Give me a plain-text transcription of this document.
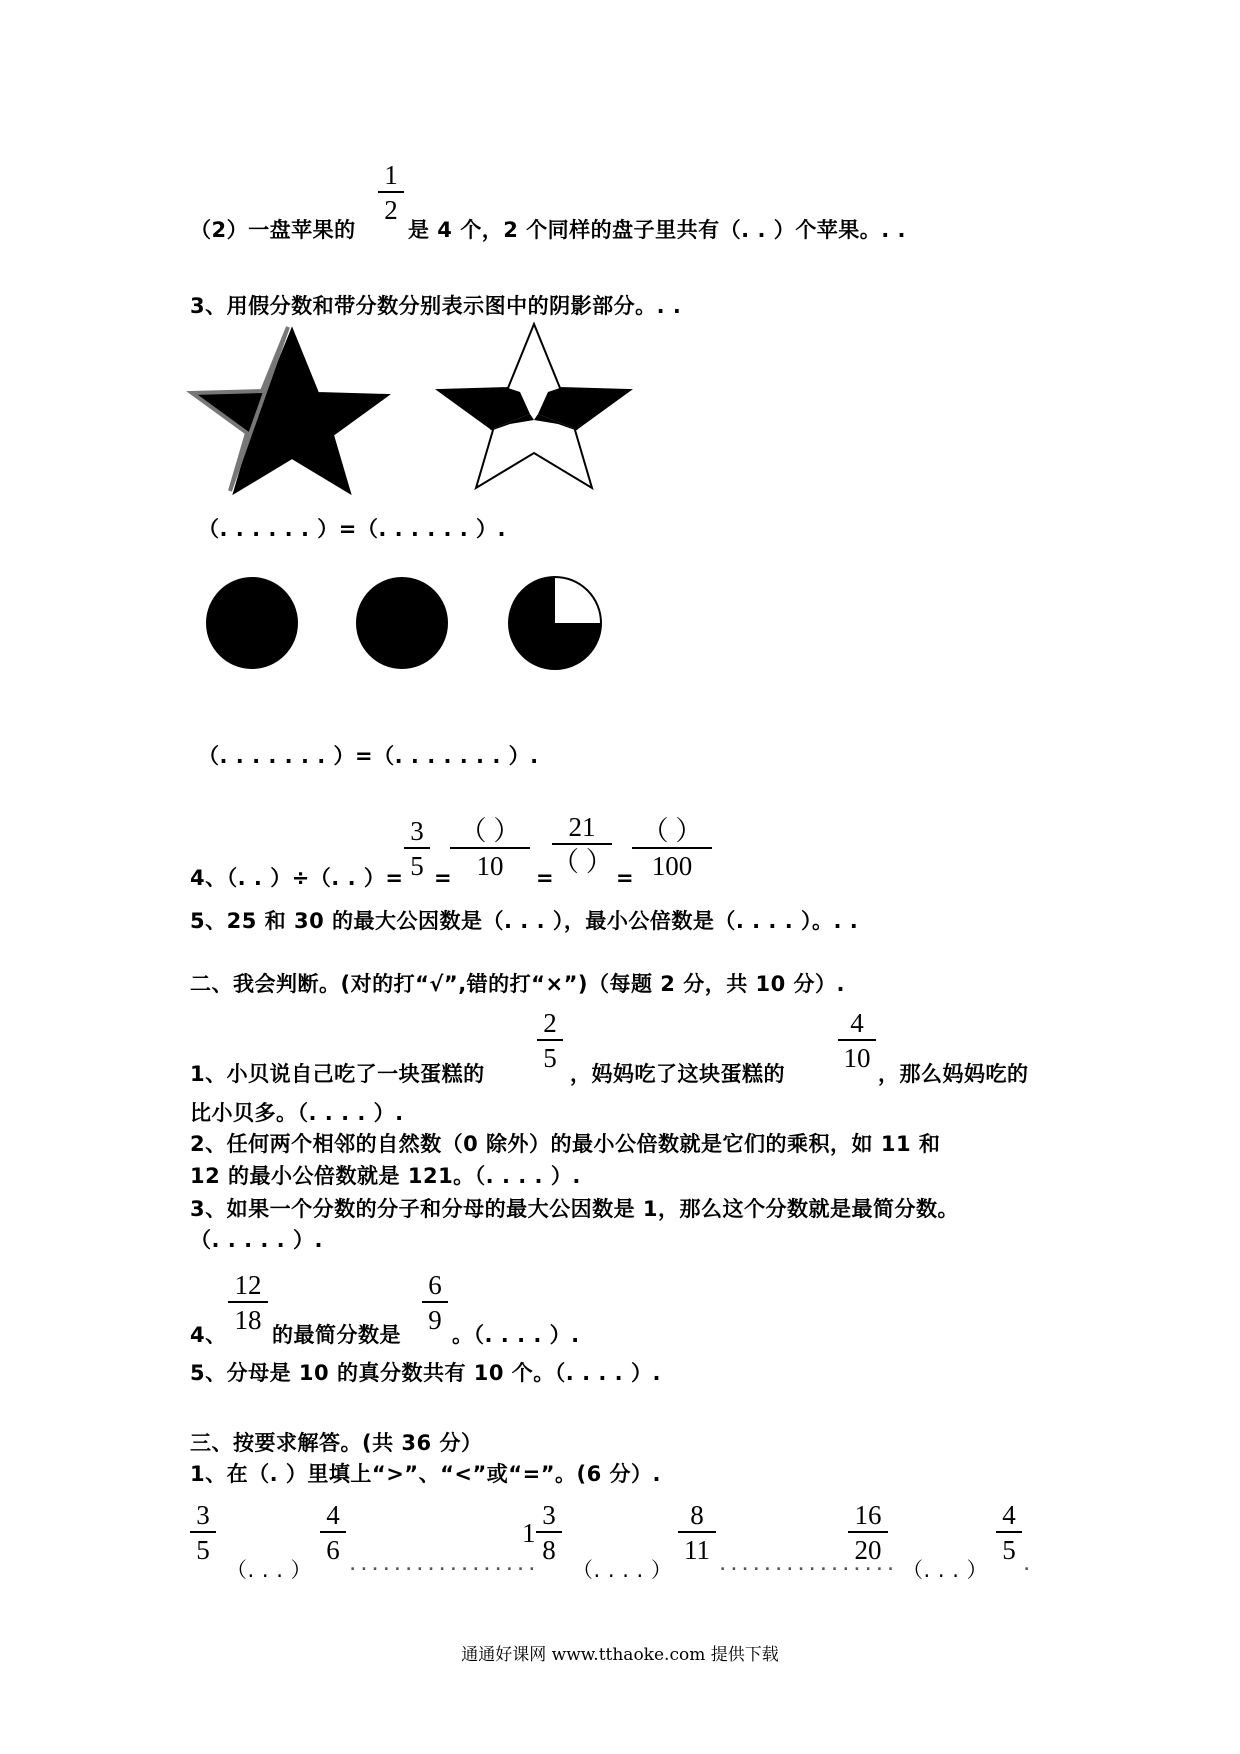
（2）一盘苹果的
1
2
是 4 个，2 个同样的盘子里共有（. . ）个苹果。. .
3、用假分数和带分数分别表示图中的阴影部分。. .
（. . . . . . ）=（. . . . . . ）.
（. . . . . . . ）=（. . . . . . . ）.
4、（. . ）÷（. . ）=
3
5 =
（ ）
10	=
21
（ ）
=
（ ）
100
5、25 和 30 的最大公因数是（. . . ），最小公倍数是（. . . . ）。. .
二、我会判断。(对的打“√”,错的打“×”)（每题 2 分，共 10 分）.
1、小贝说自己吃了一块蛋糕的
2
5
，妈妈吃了这块蛋糕的
4
10
，那么妈妈吃的
比小贝多。（. . . . ）.
2、任何两个相邻的自然数（0 除外）的最小公倍数就是它们的乘积，如 11 和
12 的最小公倍数就是 121。（. . . . ）.
3、如果一个分数的分子和分母的最大公因数是 1，那么这个分数就是最简分数。
（. . . . . ）.
4、
12
18 的最简分数是
6
9 。（. . . . ）.
5、分母是 10 的真分数共有 10 个。（. . . . ）.
三、按要求解答。(共 36 分）
1、在（. ）里填上“>”、“<”或“=”。(6 分）.
3
5
（. . . ）
4
6
. . . . . . . . . . . . . . . . .
1
3
8
（. . . . ）
8
11
. . . . . . . . . . . . . . . .
16
20
（. . . ）
4
5
.
通通好课网 www.tthaoke.com 提供下载
